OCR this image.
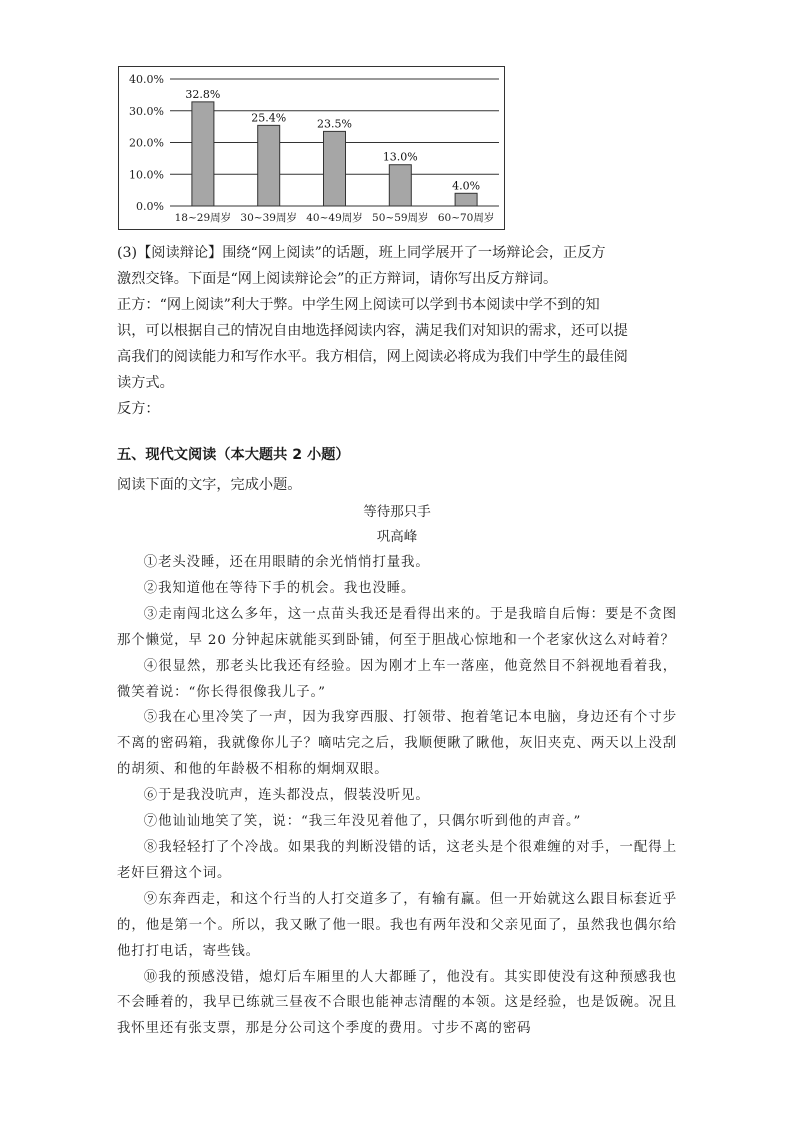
0.0%
10.0%
20.0%
30.0%
40.0%
32.8%
25.4%	23.5%
13.0%
4.0%
18~29周岁 30~39周岁 40~49周岁 50~59周岁 60~70周岁
(3)【阅读辩论】围绕“网上阅读”的话题，班上同学展开了一场辩论会，正反方
激烈交锋。下面是“网上阅读辩论会”的正方辩词，请你写出反方辩词。
正方：“网上阅读”利大于弊。中学生网上阅读可以学到书本阅读中学不到的知
识，可以根据自己的情况自由地选择阅读内容，满足我们对知识的需求，还可以提
高我们的阅读能力和写作水平。我方相信，网上阅读必将成为我们中学生的最佳阅
读方式。
反方：
五、现代文阅读（本大题共 2 小题）
阅读下面的文字，完成小题。
等待那只手
巩高峰

①老头没睡，还在用眼睛的余光悄悄打量我。

②我知道他在等待下手的机会。我也没睡。

③走南闯北这么多年，这一点苗头我还是看得出来的。于是我暗自后悔：要是不贪图那个懒觉，早 20 分钟起床就能买到卧铺，何至于胆战心惊地和一个老家伙这么对峙着？

④很显然，那老头比我还有经验。因为刚才上车一落座，他竟然目不斜视地看着我，微笑着说：“你长得很像我儿子。”

⑤我在心里冷笑了一声，因为我穿西服、打领带、抱着笔记本电脑，身边还有个寸步不离的密码箱，我就像你儿子？嘀咕完之后，我顺便瞅了瞅他，灰旧夹克、两天以上没刮的胡须、和他的年龄极不相称的炯炯双眼。

⑥于是我没吭声，连头都没点，假装没听见。

⑦他讪讪地笑了笑，说：“我三年没见着他了，只偶尔听到他的声音。”

⑧我轻轻打了个冷战。如果我的判断没错的话，这老头是个很难缠的对手，一配得上老奸巨猾这个词。

⑨东奔西走，和这个行当的人打交道多了，有输有赢。但一开始就这么跟目标套近乎的，他是第一个。所以，我又瞅了他一眼。我也有两年没和父亲见面了，虽然我也偶尔给他打打电话，寄些钱。

⑩我的预感没错，熄灯后车厢里的人大都睡了，他没有。其实即使没有这种预感我也不会睡着的，我早已练就三昼夜不合眼也能神志清醒的本领。这是经验，也是饭碗。况且我怀里还有张支票，那是分公司这个季度的费用。寸步不离的密码
